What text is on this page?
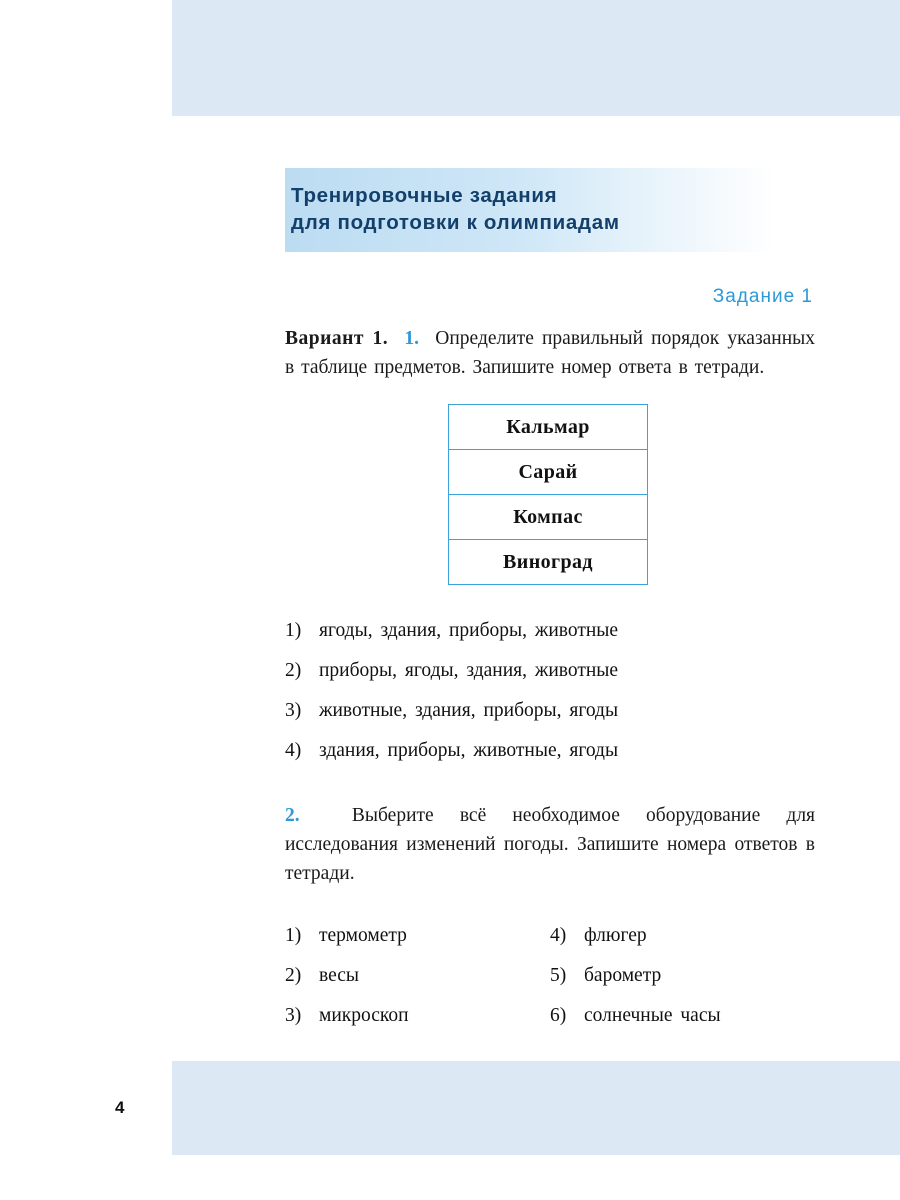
Тренировочные задания
для подготовки к олимпиадам
Задание 1
Вариант 1. 1. Определите правильный порядок указанных в таблице предметов. Запишите номер ответа в тетради.
Кальмар
Сарай
Компас
Виноград
1) ягоды, здания, приборы, животные
2) приборы, ягоды, здания, животные
3) животные, здания, приборы, ягоды
4) здания, приборы, животные, ягоды
2.	Выберите всё необходимое оборудование для исследования изменений погоды. Запишите номера ответов в тетради.
1) термометр
2) весы
3) микроскоп
4) флюгер
5) барометр
6) солнечные часы
4
